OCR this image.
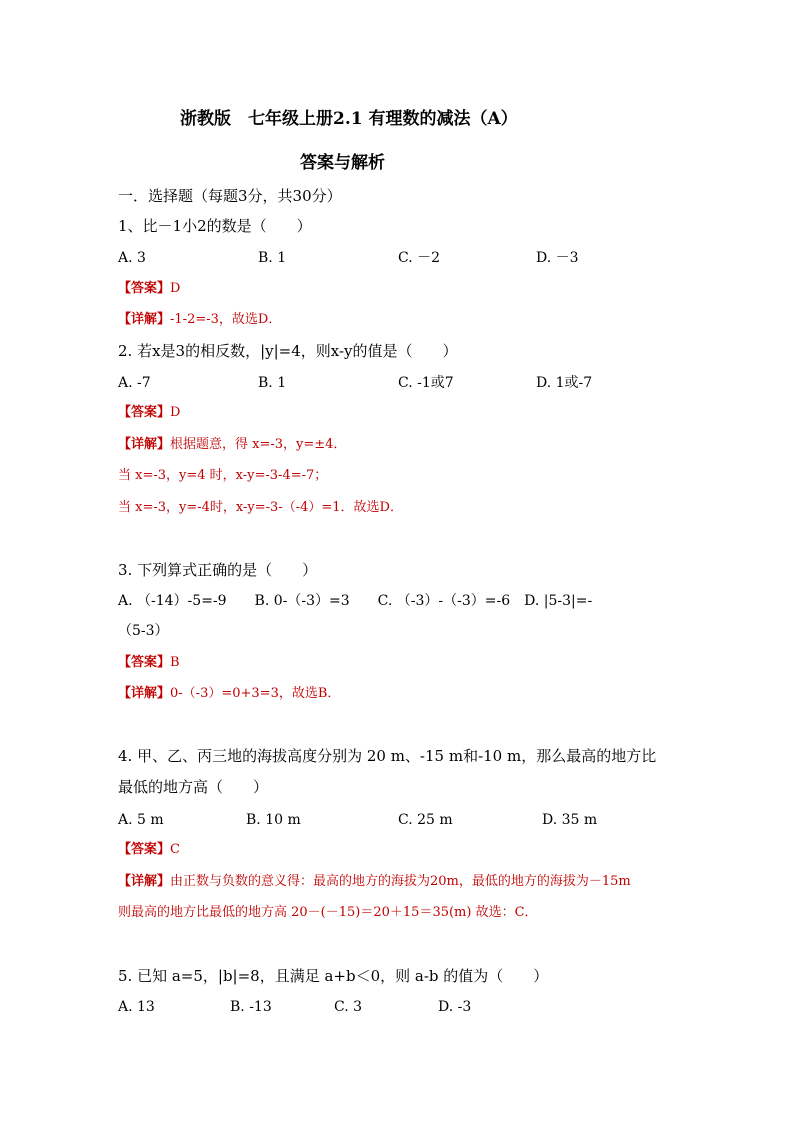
浙教版　七年级上册2.1 有理数的减法（A）
答案与解析
一．选择题（每题3分，共30分）
1、比－1小2的数是（　　）
A. 3	B. 1	C. －2	D. －3
【答案】D
【详解】-1-2=-3，故选D．
2. 若x是3的相反数，|y|=4，则x-y的值是（　　）
A. -7	B. 1	C. -1或7	D. 1或-7
【答案】D
【详解】根据题意，得 x=-3，y=±4．
当 x=-3，y=4 时，x-y=-3-4=-7；
当 x=-3，y=-4时，x-y=-3-（-4）=1．故选D．
3. 下列算式正确的是（　　）
A. （-14）-5=-9　　B. 0-（-3）=3　　C. （-3）-（-3）=-6　D. |5-3|=-
（5-3）
【答案】B
【详解】0-（-3）=0+3=3，故选B．
4. 甲、乙、丙三地的海拔高度分别为 20 m、-15 m和-10 m，那么最高的地方比
最低的地方高（　　）
A. 5 m	B. 10 m	C. 25 m	D. 35 m
【答案】C
【详解】由正数与负数的意义得：最高的地方的海拔为20m，最低的地方的海拔为－15m
则最高的地方比最低的地方高 20－(－15)＝20＋15＝35(m) 故选：C．
5. 已知 a=5，|b|=8，且满足 a+b＜0，则 a-b 的值为（　　）
A. 13	B. -13	C. 3	D. -3
